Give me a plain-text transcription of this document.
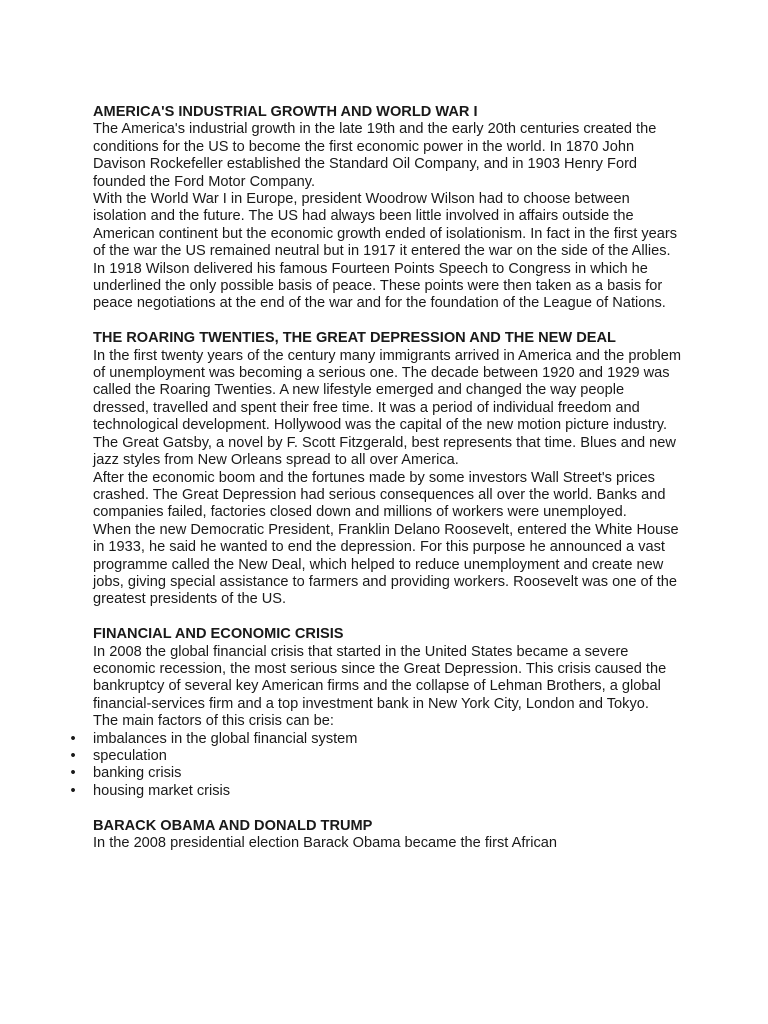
AMERICA'S INDUSTRIAL GROWTH AND WORLD WAR I

The America's industrial growth in the late 19th and the early 20th centuries created the conditions for the US to become the first economic power in the world. In 1870 John Davison Rockefeller established the Standard Oil Company, and in 1903 Henry Ford founded the Ford Motor Company.

With the World War I in Europe, president Woodrow Wilson had to choose between isolation and the future. The US had always been little involved in affairs outside the American continent but the economic growth ended of isolationism. In fact in the first years of the war the US remained neutral but in 1917 it entered the war on the side of the Allies. In 1918 Wilson delivered his famous Fourteen Points Speech to Congress in which he underlined the only possible basis of peace. These points were then taken as a basis for peace negotiations at the end of the war and for the foundation of the League of Nations.

THE ROARING TWENTIES, THE GREAT DEPRESSION AND THE NEW DEAL

In the first twenty years of the century many immigrants arrived in America and the problem of unemployment was becoming a serious one. The decade between 1920 and 1929 was called the Roaring Twenties. A new lifestyle emerged and changed the way people dressed, travelled and spent their free time. It was a period of individual freedom and technological development. Hollywood was the capital of the new motion picture industry. The Great Gatsby, a novel by F. Scott Fitzgerald, best represents that time. Blues and new jazz styles from New Orleans spread to all over America.

After the economic boom and the fortunes made by some investors Wall Street's prices crashed. The Great Depression had serious consequences all over the world. Banks and companies failed, factories closed down and millions of workers were unemployed.

When the new Democratic President, Franklin Delano Roosevelt, entered the White House in 1933, he said he wanted to end the depression. For this purpose he announced a vast programme called the New Deal, which helped to reduce unemployment and create new jobs, giving special assistance to farmers and providing workers. Roosevelt was one of the greatest presidents of the US.

FINANCIAL AND ECONOMIC CRISIS

In 2008 the global financial crisis that started in the United States became a severe economic recession, the most serious since the Great Depression. This crisis caused the bankruptcy of several key American firms and the collapse of Lehman Brothers, a global financial-services firm and a top investment bank in New York City, London and Tokyo.

The main factors of this crisis can be:

• imbalances in the global financial system
• speculation
• banking crisis
• housing market crisis
BARACK OBAMA AND DONALD TRUMP

In the 2008 presidential election Barack Obama became the first African
